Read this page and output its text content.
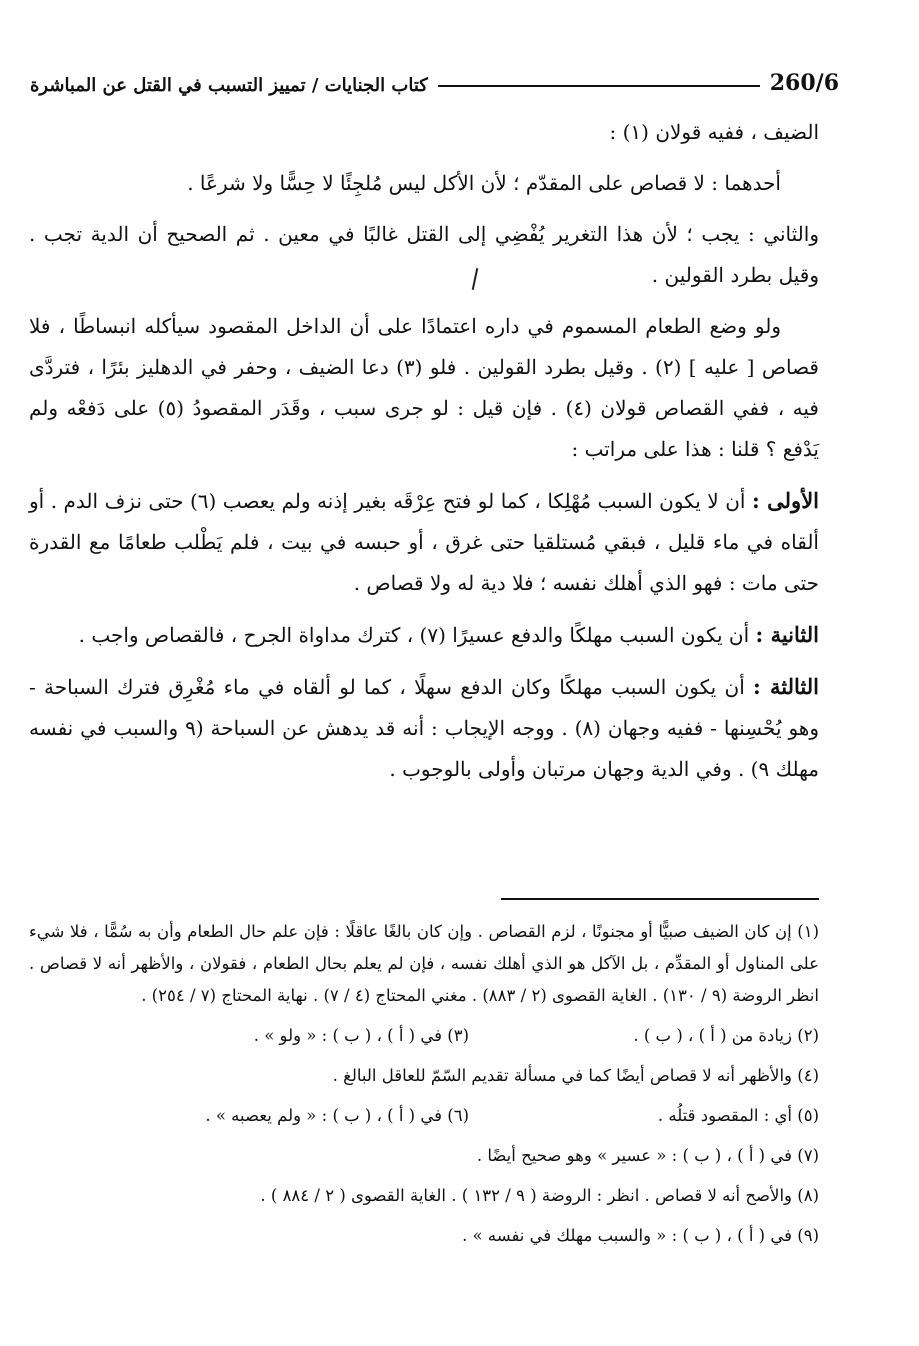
260/6
كتاب الجنايات / تمييز التسبب في القتل عن المباشرة

الضيف ، ففيه قولان (١) :

أحدهما : لا قصاص على المقدّم ؛ لأن الأكل ليس مُلجِئًا لا حِسًّا ولا شرعًا .

والثاني : يجب ؛ لأن هذا التغرير يُفْضِي إلى القتل غالبًا في معين . ثم الصحيح أن الدية تجب . وقيل بطرد القولين .

ولو وضع الطعام المسموم في داره اعتمادًا على أن الداخل المقصود سيأكله انبساطًا ، فلا قصاص [ عليه ] (٢) . وقيل بطرد القولين . فلو (٣) دعا الضيف ، وحفر في الدهليز بئرًا ، فتردَّى فيه ، ففي القصاص قولان (٤) . فإن قيل : لو جرى سبب ، وقَدَر المقصودُ (٥) على دَفعْه ولم يَدْفع ؟ قلنا : هذا على مراتب :

الأولى : أن لا يكون السبب مُهْلِكا ، كما لو فتح عِرْقَه بغير إذنه ولم يعصب (٦) حتى نزف الدم . أو ألقاه في ماء قليل ، فبقي مُستلقيا حتى غرق ، أو حبسه في بيت ، فلم يَطْلب طعامًا مع القدرة حتى مات : فهو الذي أهلك نفسه ؛ فلا دية له ولا قصاص .

الثانية : أن يكون السبب مهلكًا والدفع عسيرًا (٧) ، كترك مداواة الجرح ، فالقصاص واجب .

الثالثة : أن يكون السبب مهلكًا وكان الدفع سهلًا ، كما لو ألقاه في ماء مُغْرِق فترك السباحة - وهو يُحْسِنها - ففيه وجهان (٨) . ووجه الإيجاب : أنه قد يدهش عن السباحة (٩ والسبب في نفسه مهلك ٩) . وفي الدية وجهان مرتبان وأولى بالوجوب .

(١) إن كان الضيف صبيًّا أو مجنونًا ، لزم القصاص . وإن كان بالغًا عاقلًا : فإن علم حال الطعام وأن به سُمًّا ، فلا شيء على المناول أو المقدِّم ، بل الآكل هو الذي أهلك نفسه ، فإن لم يعلم بحال الطعام ، فقولان ، والأظهر أنه لا قصاص . انظر الروضة (٩ / ١٣٠) . الغاية القصوى (٢ / ٨٨٣) . مغني المحتاج (٤ / ٧) . نهاية المحتاج (٧ / ٢٥٤) .

(٢) زيادة من ( أ ) ، ( ب ) .
(٣) في ( أ ) ، ( ب ) : « ولو » .

(٤) والأظهر أنه لا قصاص أيضًا كما في مسألة تقديم السّمّ للعاقل البالغ .

(٥) أي : المقصود قتلُه .
(٦) في ( أ ) ، ( ب ) : « ولم يعصبه » .

(٧) في ( أ ) ، ( ب ) : « عسير » وهو صحيح أيضًا .

(٨) والأصح أنه لا قصاص . انظر : الروضة ( ٩ / ١٣٢ ) . الغاية القصوى ( ٢ / ٨٨٤ ) .

(٩) في ( أ ) ، ( ب ) : « والسبب مهلك في نفسه » .
